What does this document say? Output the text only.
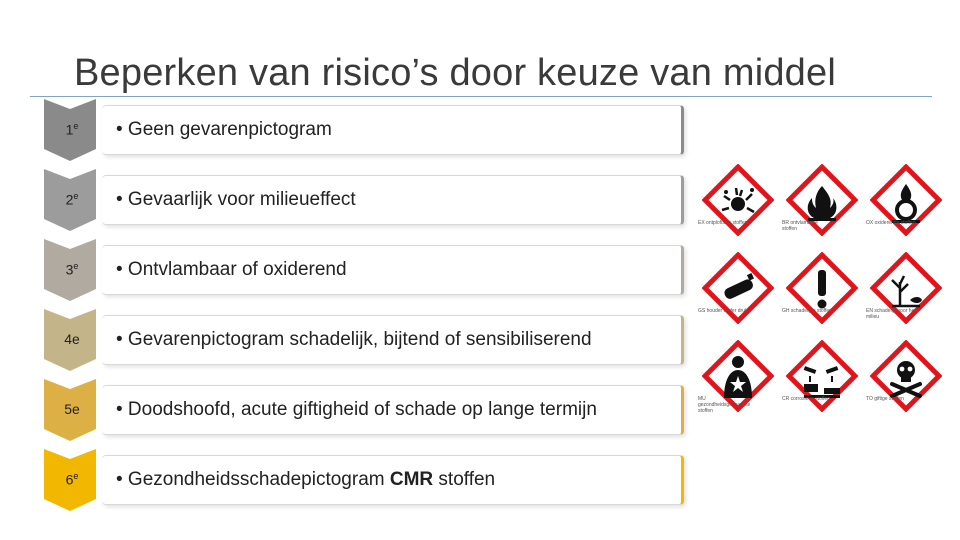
Beperken van risico’s door keuze van middel
1e	• Geen gevarenpictogram
2e	• Gevaarlijk voor milieueffect
3e	• Ontvlambaar of oxiderend
4e	• Gevarenpictogram schadelijk, bijtend of sensibiliserend
5e	• Doodshoofd, acute giftigheid of schade op lange termijn
6e	• Gezondheidsschadepictogram CMR stoffen
EX ontplofbare stoffen	BR ontvlambare stoffen
OX oxiderende stoffen
GS houder onder druk	GH schadelijke stoffen	EN schadelijk voor het milieu
MU gezondheidsgevaarlijke stoffen
CR corrosieve stoffen	TO giftige stoffen
